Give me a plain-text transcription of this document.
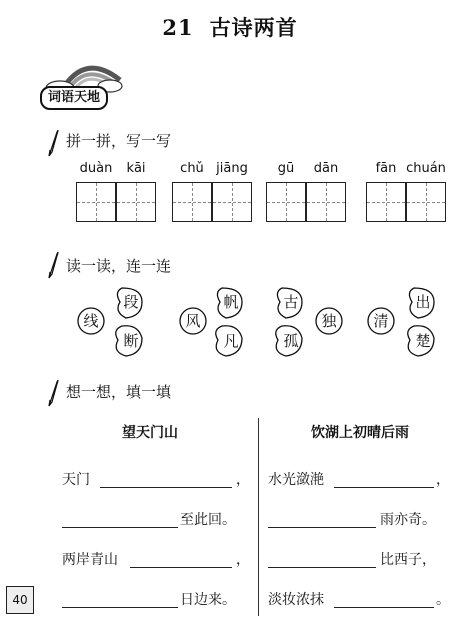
21 古诗两首
词语天地
拼一拼，写一写
duàn	kāi	chǔ jiāng	gū	dān	fān chuán
读一读，连一连
线
段
断
风
帆
凡
古
孤
独	清
出
楚
想一想，填一填
望天门山
天门	，
至此回。
两岸青山	，
日边来。
饮湖上初晴后雨
水光潋滟	，
雨亦奇。
比西子，
淡妆浓抹	。
40
